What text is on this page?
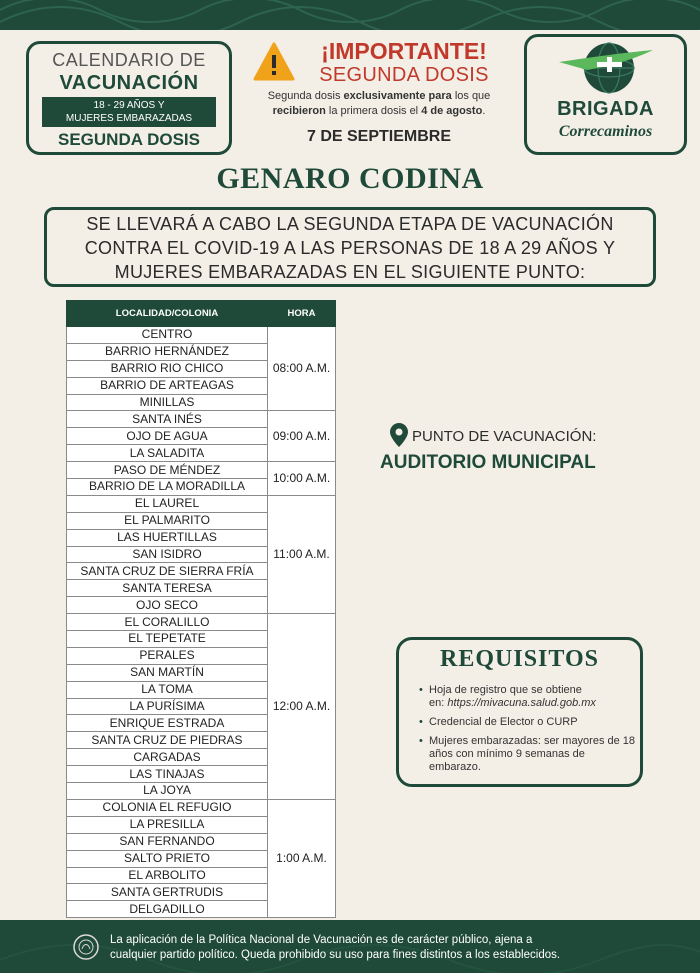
CALENDARIO DE
VACUNACIÓN
18 - 29 AÑOS Y
MUJERES EMBARAZADAS
SEGUNDA DOSIS
¡IMPORTANTE!
SEGUNDA DOSIS
Segunda dosis exclusivamente para los que
recibieron la primera dosis el 4 de agosto.
7 DE SEPTIEMBRE
BRIGADA
Correcaminos
GENARO CODINA
SE LLEVARÁ A CABO LA SEGUNDA ETAPA DE VACUNACIÓN
CONTRA EL COVID-19 A LAS PERSONAS DE 18 A 29 AÑOS Y
MUJERES EMBARAZADAS EN EL SIGUIENTE PUNTO:
LOCALIDAD/COLONIA	HORA
CENTRO	08:00 A.M.
BARRIO HERNÁNDEZ	
BARRIO RIO CHICO	
BARRIO DE ARTEAGAS	
MINILLAS	
SANTA INÉS	09:00 A.M.
OJO DE AGUA	
LA SALADITA	
PASO DE MÉNDEZ	10:00 A.M.
BARRIO DE LA MORADILLA	
EL LAUREL	11:00 A.M.
EL PALMARITO	
LAS HUERTILLAS	
SAN ISIDRO	
SANTA CRUZ DE SIERRA FRÍA	
SANTA TERESA	
OJO SECO	
EL CORALILLO	12:00 A.M.
EL TEPETATE	
PERALES	
SAN MARTÍN	
LA TOMA	
LA PURÍSIMA	
ENRIQUE ESTRADA	
SANTA CRUZ DE PIEDRAS	
CARGADAS	
LAS TINAJAS	
LA JOYA	
COLONIA EL REFUGIO	1:00 A.M.
LA PRESILLA	
SAN FERNANDO	
SALTO PRIETO	
EL ARBOLITO	
SANTA GERTRUDIS	
DELGADILLO	
PUNTO DE VACUNACIÓN:
AUDITORIO MUNICIPAL
REQUISITOS
• Hoja de registro que se obtiene
en: https://mivacuna.salud.gob.mx
• Credencial de Elector o CURP
• Mujeres embarazadas: ser mayores de 18 años con mínimo 9 semanas de embarazo.
La aplicación de la Política Nacional de Vacunación es de carácter público, ajena a
cualquier partido político. Queda prohibido su uso para fines distintos a los establecidos.
